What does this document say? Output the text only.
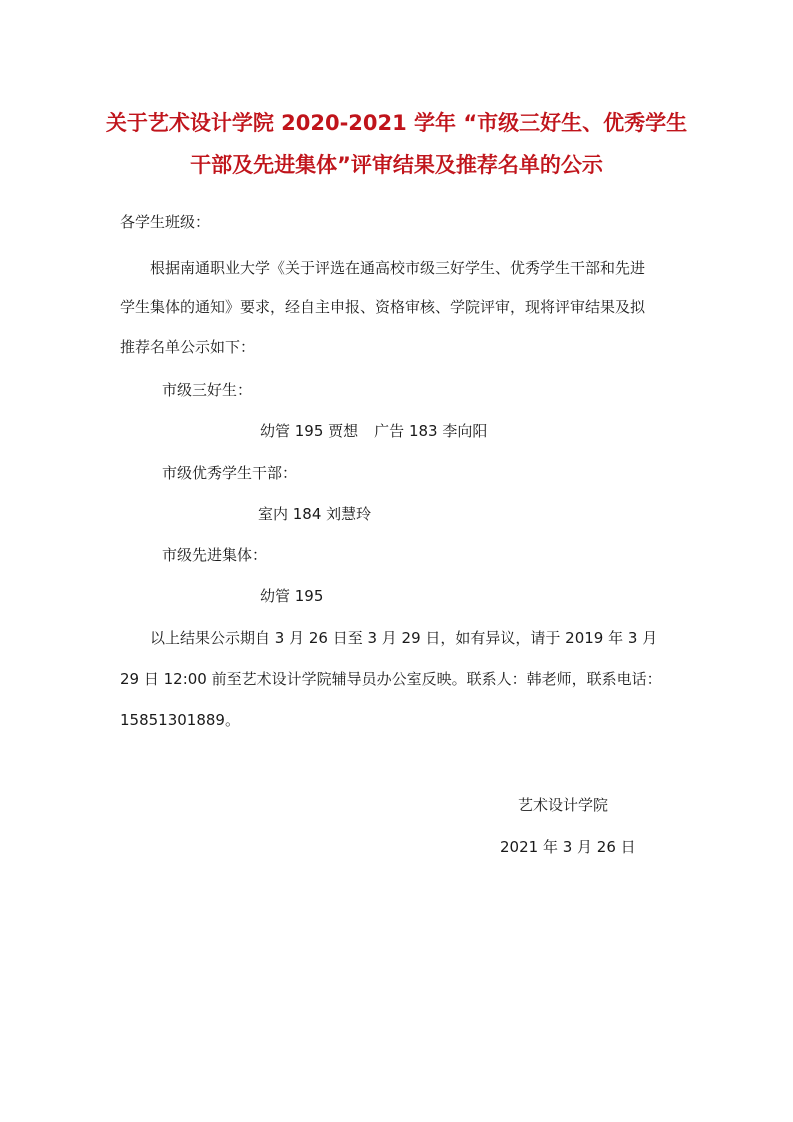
关于艺术设计学院 2020-2021 学年 “市级三好生、优秀学生
干部及先进集体”评审结果及推荐名单的公示
各学生班级：
根据南通职业大学《关于评选在通高校市级三好学生、优秀学生干部和先进
学生集体的通知》要求，经自主申报、资格审核、学院评审，现将评审结果及拟
推荐名单公示如下：
市级三好生：
幼管 195 贾想 广告 183 李向阳
市级优秀学生干部：
室内 184 刘慧玲
市级先进集体：
幼管 195
以上结果公示期自 3 月 26 日至 3 月 29 日，如有异议，请于 2019 年 3 月
29 日 12:00 前至艺术设计学院辅导员办公室反映。联系人：韩老师，联系电话：
15851301889。
艺术设计学院
2021 年 3 月 26 日
